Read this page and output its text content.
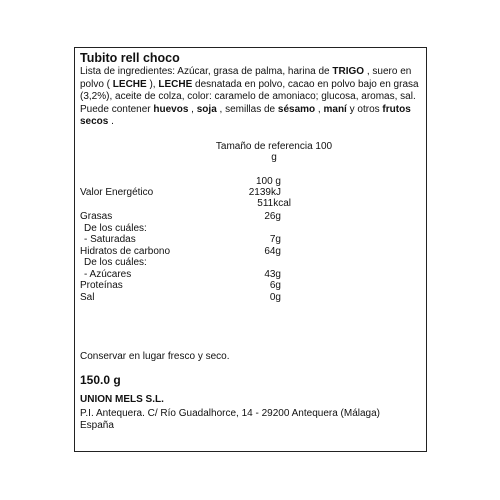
Tubito rell choco
Lista de ingredientes: Azúcar, grasa de palma, harina de TRIGO , suero en polvo ( LECHE ), LECHE desnatada en polvo, cacao en polvo bajo en grasa (3,2%), aceite de colza, color: caramelo de amoniaco; glucosa, aromas, sal. Puede contener huevos , soja , semillas de sésamo , maní y otros frutos secos .
Tamaño de referencia 100
g
100 g
Valor Energético	2139kJ
511kcal
Grasas	26g
De los cuáles:
- Saturadas	7g
Hidratos de carbono	64g
De los cuáles:
- Azúcares	43g
Proteínas	6g
Sal	0g
Conservar en lugar fresco y seco.
150.0 g
UNION MELS S.L.
P.I. Antequera. C/ Río Guadalhorce, 14 - 29200 Antequera (Málaga)
España
